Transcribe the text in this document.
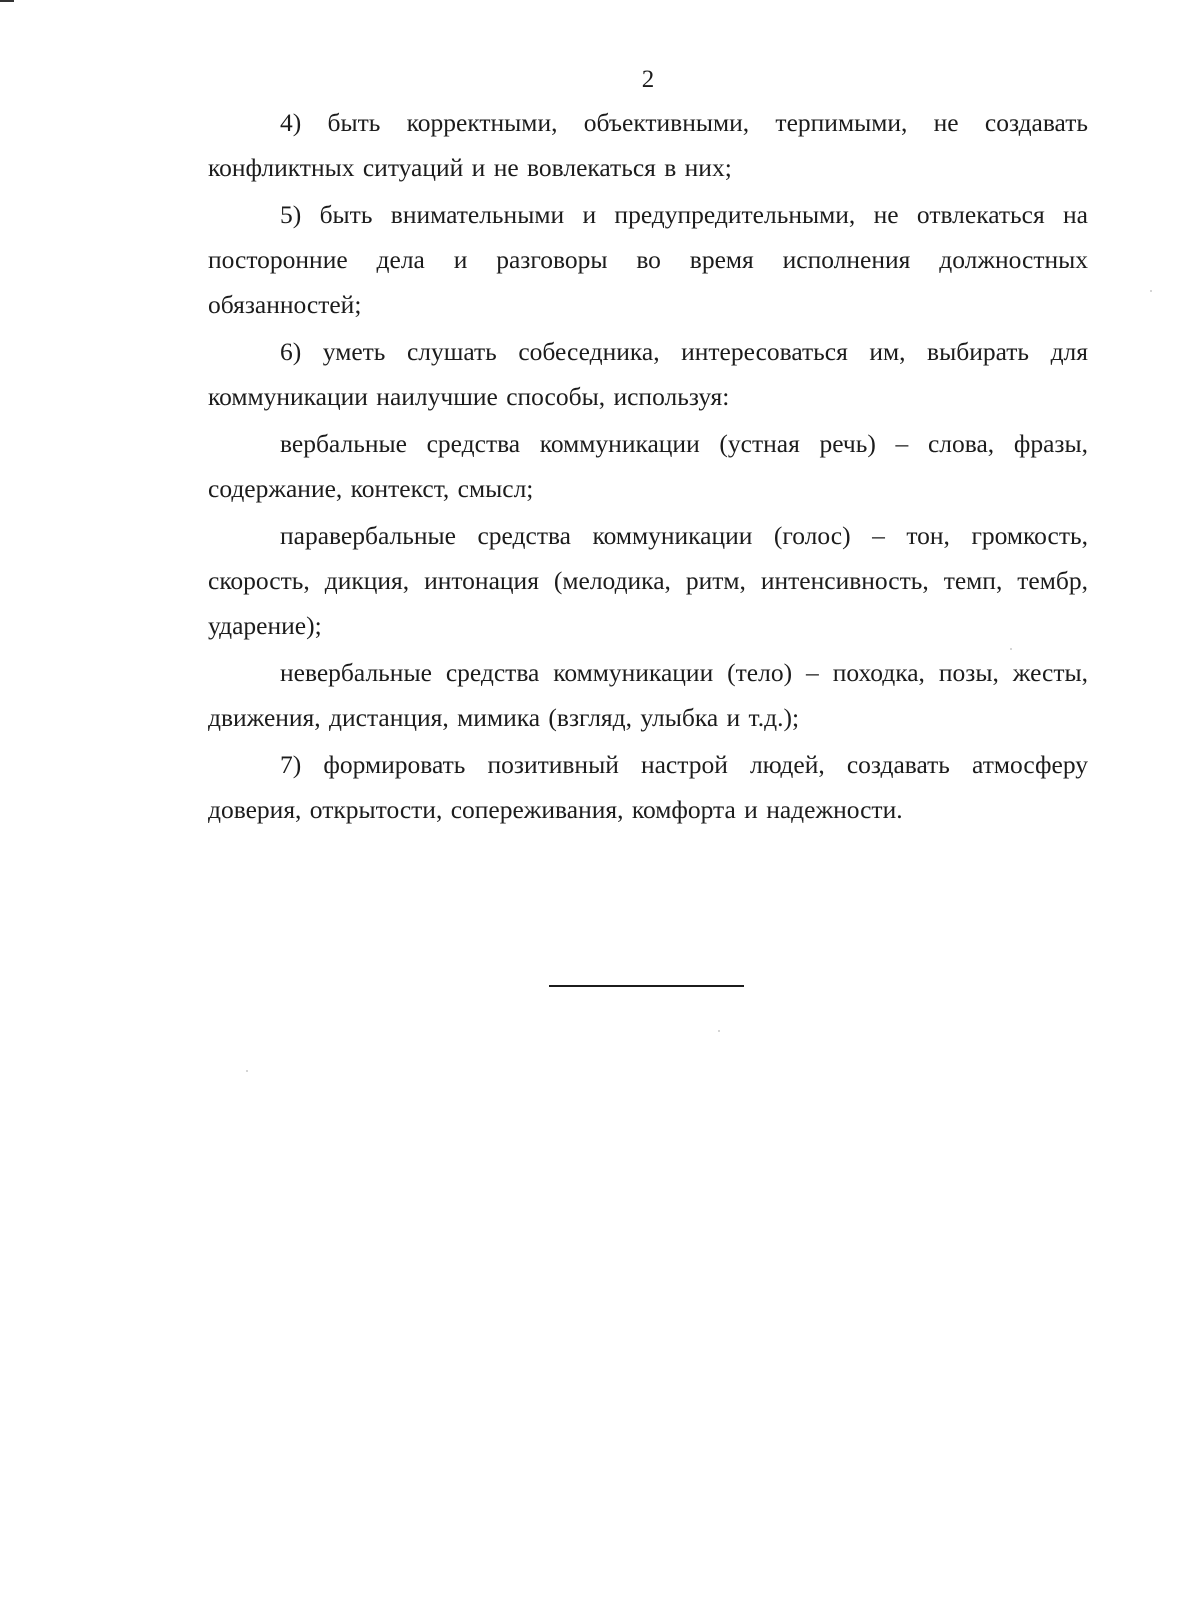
2

4) быть корректными, объективными, терпимыми, не создавать конфликтных ситуаций и не вовлекаться в них;

5) быть внимательными и предупредительными, не отвлекаться на посторонние дела и разговоры во время исполнения должностных обязанностей;

6) уметь слушать собеседника, интересоваться им, выбирать для коммуникации наилучшие способы, используя:

вербальные средства коммуникации (устная речь) – слова, фразы, содержание, контекст, смысл;

паравербальные средства коммуникации (голос) – тон, громкость, скорость, дикция, интонация (мелодика, ритм, интенсивность, темп, тембр, ударение);

невербальные средства коммуникации (тело) – походка, позы, жесты, движения, дистанция, мимика (взгляд, улыбка и т.д.);

7) формировать позитивный настрой людей, создавать атмосферу доверия, открытости, сопереживания, комфорта и надежности.
